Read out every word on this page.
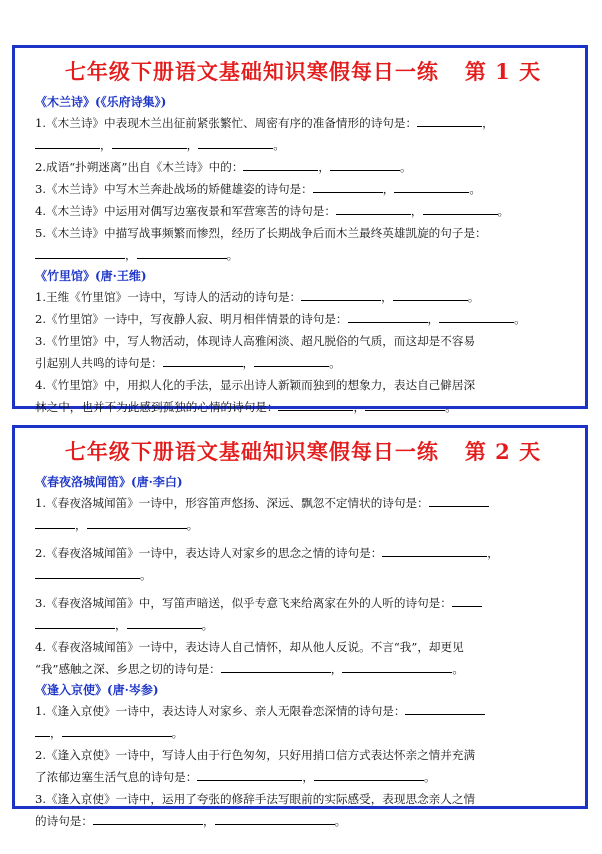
七年级下册语文基础知识寒假每日一练 第 1 天
《木兰诗》(《乐府诗集》)
1.《木兰诗》中表现木兰出征前紧张繁忙、周密有序的准备情形的诗句是：	，
，	，	。
2.成语“扑朔迷离”出自《木兰诗》中的：	，	。
3.《木兰诗》中写木兰奔赴战场的矫健雄姿的诗句是：	，	。
4.《木兰诗》中运用对偶写边塞夜景和军营寒苦的诗句是：	，	。
5.《木兰诗》中描写战事频繁而惨烈，经历了长期战争后而木兰最终英雄凯旋的句子是：
，	。
《竹里馆》(唐·王维)
1.王维《竹里馆》一诗中，写诗人的活动的诗句是：	，	。
2.《竹里馆》一诗中，写夜静人寂、明月相伴情景的诗句是：	，	。
3.《竹里馆》中，写人物活动，体现诗人高雅闲淡、超凡脱俗的气质，而这却是不容易
引起别人共鸣的诗句是：	，	。
4.《竹里馆》中，用拟人化的手法，显示出诗人新颖而独到的想象力，表达自己僻居深
林之中，也并不为此感到孤独的心情的诗句是：	，	。
七年级下册语文基础知识寒假每日一练 第 2 天
《春夜洛城闻笛》(唐·李白)
1.《春夜洛城闻笛》一诗中，形容笛声悠扬、深远、飘忽不定情状的诗句是：
，	。
2.《春夜洛城闻笛》一诗中，表达诗人对家乡的思念之情的诗句是：	，
。
3.《春夜洛城闻笛》中，写笛声暗送，似乎专意飞来给离家在外的人听的诗句是：
，	。
4.《春夜洛城闻笛》一诗中，表达诗人自己情怀，却从他人反说。不言“我”，却更见
“我”感触之深、乡思之切的诗句是：	，	。
《逢入京使》(唐·岑参)
1.《逢入京使》一诗中，表达诗人对家乡、亲人无限眷恋深情的诗句是：
，	。
2.《逢入京使》一诗中，写诗人由于行色匆匆，只好用捎口信方式表达怀亲之情并充满
了浓郁边塞生活气息的诗句是：	，	。
3.《逢入京使》一诗中，运用了夸张的修辞手法写眼前的实际感受，表现思念亲人之情
的诗句是：	，	。
